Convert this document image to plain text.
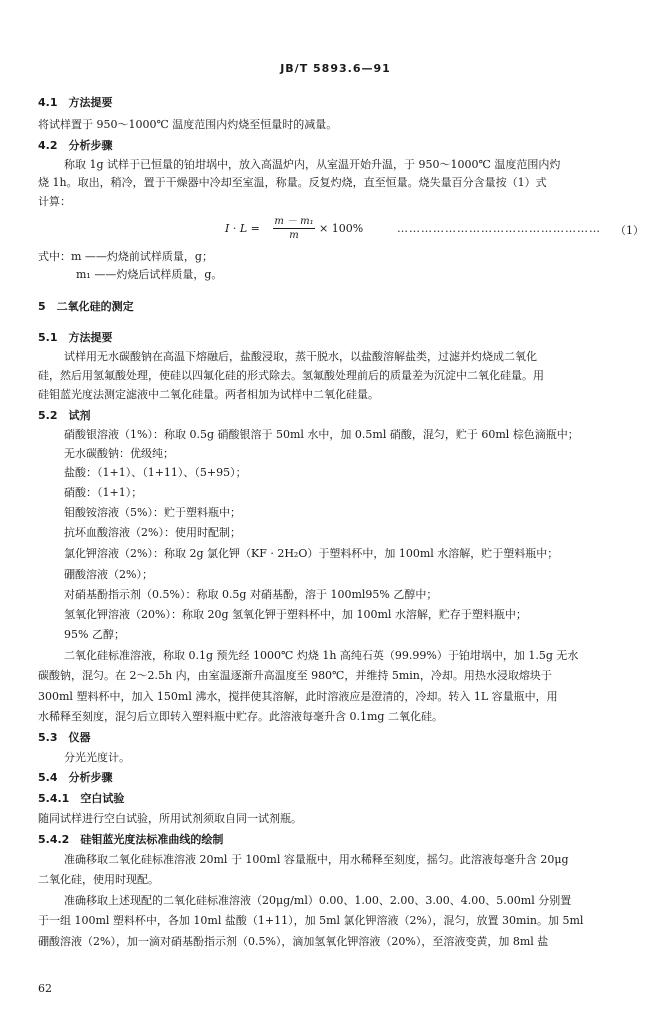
JB/T 5893.6—91
4.1　方法提要
将试样置于 950～1000℃ 温度范围内灼烧至恒量时的减量。
4.2　分析步骤
称取 1g 试样于已恒量的铂坩埚中，放入高温炉内，从室温开始升温，于 950～1000℃ 温度范围内灼
烧 1h。取出，稍冷，置于干燥器中冷却至室温，称量。反复灼烧，直至恒量。烧失量百分含量按（1）式
计算：
式中：m ——灼烧前试样质量，g；
m₁ ——灼烧后试样质量，g。
5　二氧化硅的测定
5.1　方法提要
试样用无水碳酸钠在高温下熔融后，盐酸浸取，蒸干脱水，以盐酸溶解盐类，过滤并灼烧成二氧化
硅，然后用氢氟酸处理，使硅以四氟化硅的形式除去。氢氟酸处理前后的质量差为沉淀中二氧化硅量。用
硅钼蓝光度法测定滤液中二氧化硅量。两者相加为试样中二氧化硅量。
5.2　试剂
硝酸银溶液（1%）：称取 0.5g 硝酸银溶于 50ml 水中，加 0.5ml 硝酸，混匀，贮于 60ml 棕色滴瓶中；
无水碳酸钠：优级纯；
盐酸：（1+1）、（1+11）、（5+95）；
硝酸：（1+1）；
钼酸铵溶液（5%）：贮于塑料瓶中；
抗坏血酸溶液（2%）：使用时配制；
氯化钾溶液（2%）：称取 2g 氯化钾（KF · 2H₂O）于塑料杯中，加 100ml 水溶解，贮于塑料瓶中；
硼酸溶液（2%）；
对硝基酚指示剂（0.5%）：称取 0.5g 对硝基酚，溶于 100ml95% 乙醇中；
氢氧化钾溶液（20%）：称取 20g 氢氧化钾于塑料杯中，加 100ml 水溶解，贮存于塑料瓶中；
95% 乙醇；
二氧化硅标准溶液，称取 0.1g 预先经 1000℃ 灼烧 1h 高纯石英（99.99%）于铂坩埚中，加 1.5g 无水
碳酸钠，混匀。在 2～2.5h 内，由室温逐渐升高温度至 980℃，并维持 5min，冷却。用热水浸取熔块于
300ml 塑料杯中，加入 150ml 沸水，搅拌使其溶解，此时溶液应是澄清的，冷却。转入 1L 容量瓶中，用
水稀释至刻度，混匀后立即转入塑料瓶中贮存。此溶液每毫升含 0.1mg 二氧化硅。
5.3　仪器
分光光度计。
5.4　分析步骤
5.4.1　空白试验
随同试样进行空白试验，所用试剂须取自同一试剂瓶。
5.4.2　硅钼蓝光度法标准曲线的绘制
准确移取二氧化硅标准溶液 20ml 于 100ml 容量瓶中，用水稀释至刻度，摇匀。此溶液每毫升含 20μg
二氧化硅，使用时现配。
准确移取上述现配的二氧化硅标准溶液（20μg/ml）0.00、1.00、2.00、3.00、4.00、5.00ml 分别置
于一组 100ml 塑料杯中，各加 10ml 盐酸（1+11），加 5ml 氯化钾溶液（2%），混匀，放置 30min。加 5ml
硼酸溶液（2%），加一滴对硝基酚指示剂（0.5%），滴加氢氧化钾溶液（20%），至溶液变黄，加 8ml 盐
I · L =
m － m₁
m
× 100%	…………………………………………… （1）
62
